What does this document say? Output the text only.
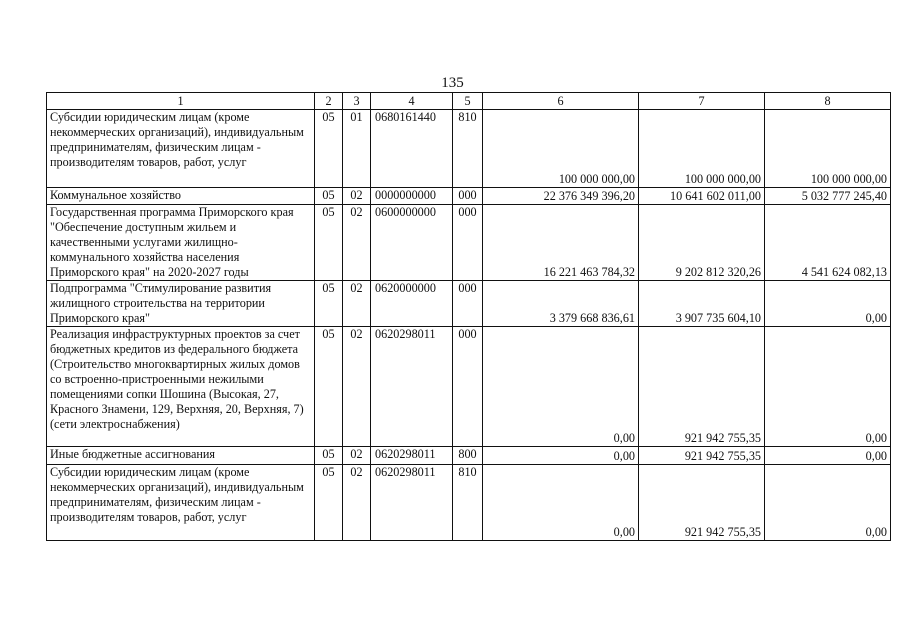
135
1	2	3	4	5	6	7	8
Субсидии юридическим лицам (кроме некоммерческих организаций), индивидуальным предпринимателям, физическим лицам - производителям товаров, работ, услуг	05	01	0680161440	810	100 000 000,00	100 000 000,00	100 000 000,00
Коммунальное хозяйство	05	02	0000000000	000	22 376 349 396,20	10 641 602 011,00	5 032 777 245,40
Государственная программа Приморского края "Обеспечение доступным жильем и качественными услугами жилищно-коммунального хозяйства населения Приморского края" на 2020-2027 годы	05	02	0600000000	000	16 221 463 784,32	9 202 812 320,26	4 541 624 082,13
Подпрограмма "Стимулирование развития жилищного строительства на территории Приморского края"	05	02	0620000000	000	3 379 668 836,61	3 907 735 604,10	0,00
Реализация инфраструктурных проектов за счет бюджетных кредитов из федерального бюджета (Строительство многоквартирных жилых домов со встроенно-пристроенными нежилыми помещениями сопки Шошина (Высокая, 27, Красного Знамени, 129, Верхняя, 20, Верхняя, 7) (сети электроснабжения)	05	02	0620298011	000	0,00	921 942 755,35	0,00
Иные бюджетные ассигнования	05	02	0620298011	800	0,00	921 942 755,35	0,00
Субсидии юридическим лицам (кроме некоммерческих организаций), индивидуальным предпринимателям, физическим лицам - производителям товаров, работ, услуг	05	02	0620298011	810	0,00	921 942 755,35	0,00
